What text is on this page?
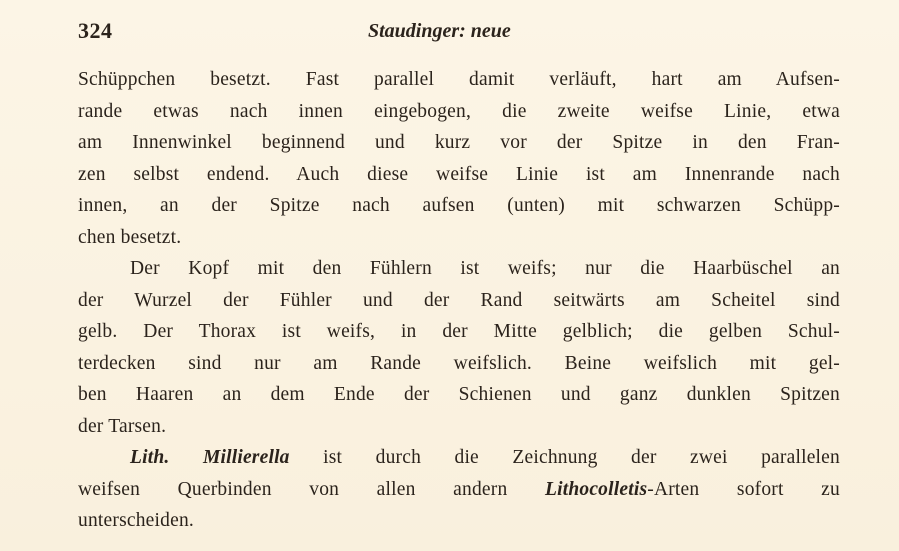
324	Staudinger: neue
Schüppchen besetzt. Fast parallel damit verläuft, hart am Aufsen-
rande etwas nach innen eingebogen, die zweite weifse Linie, etwa
am Innenwinkel beginnend und kurz vor der Spitze in den Fran-
zen selbst endend. Auch diese weifse Linie ist am Innenrande nach
innen, an der Spitze nach aufsen (unten) mit schwarzen Schüpp-
chen besetzt.
Der Kopf mit den Fühlern ist weifs; nur die Haarbüschel an
der Wurzel der Fühler und der Rand seitwärts am Scheitel sind
gelb. Der Thorax ist weifs, in der Mitte gelblich; die gelben Schul-
terdecken sind nur am Rande weifslich. Beine weifslich mit gel-
ben Haaren an dem Ende der Schienen und ganz dunklen Spitzen
der Tarsen.
Lith. Millierella ist durch die Zeichnung der zwei parallelen
weifsen Querbinden von allen andern Lithocolletis-Arten sofort zu
unterscheiden.
